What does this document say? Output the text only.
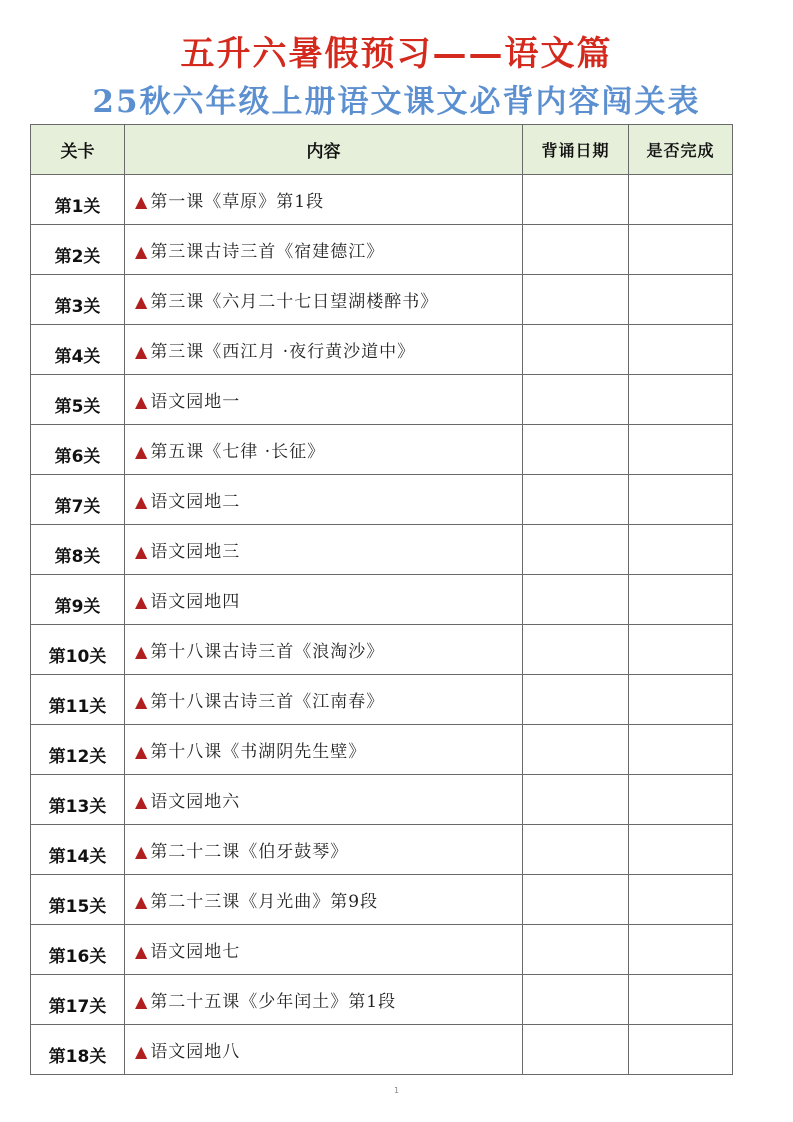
五升六暑假预习——语文篇
25秋六年级上册语文课文必背内容闯关表
关卡	内容	背诵日期	是否完成
第1关	▲ 第一课《草原》第1段		
第2关	▲ 第三课古诗三首《宿建德江》		
第3关	▲ 第三课《六月二十七日望湖楼醉书》		
第4关	▲ 第三课《西江月 ·夜行黄沙道中》		
第5关	▲ 语文园地一		
第6关	▲ 第五课《七律 ·长征》		
第7关	▲ 语文园地二		
第8关	▲ 语文园地三		
第9关	▲ 语文园地四		
第10关	▲ 第十八课古诗三首《浪淘沙》		
第11关	▲ 第十八课古诗三首《江南春》		
第12关	▲ 第十八课《书湖阴先生壁》		
第13关	▲ 语文园地六		
第14关	▲ 第二十二课《伯牙鼓琴》		
第15关	▲ 第二十三课《月光曲》第9段		
第16关	▲ 语文园地七		
第17关	▲ 第二十五课《少年闰土》第1段		
第18关	▲ 语文园地八		
1
